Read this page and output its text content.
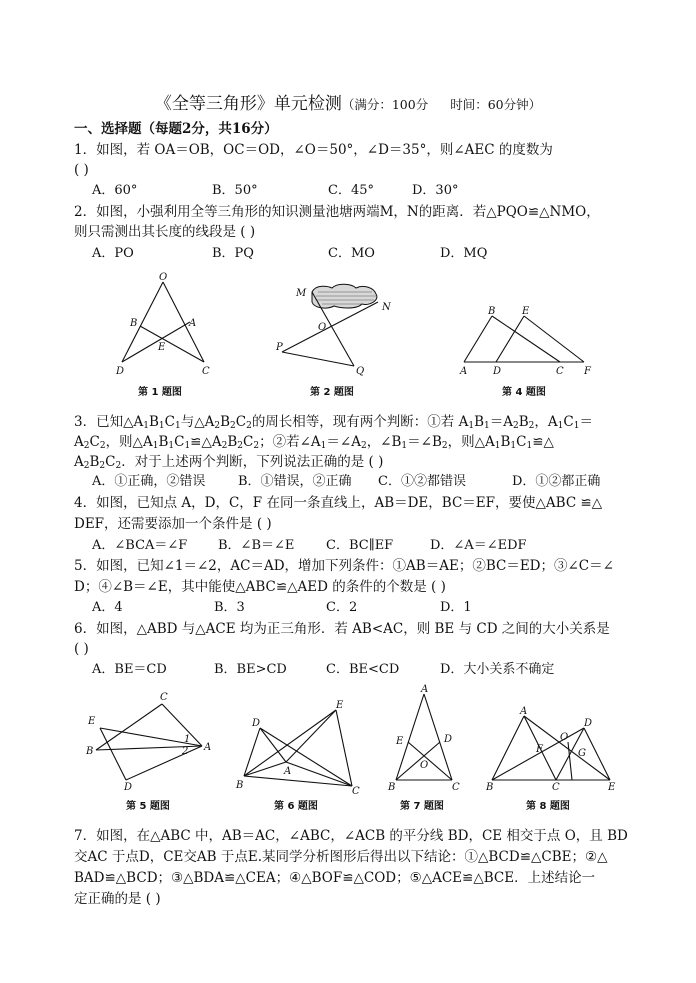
《全等三角形》单元检测（满分：100分 时间：60分钟）
一、选择题（每题2分，共16分）
1．如图，若 OA＝OB，OC＝OD，∠O＝50°，∠D＝35°，则∠AEC 的度数为
( )
A．60°	B．50°	C．45°	D．30°
2．如图，小强利用全等三角形的知识测量池塘两端M，N的距离．若△PQO≌△NMO，
则只需测出其长度的线段是 ( )
A．PO	B．PQ	C．MO	D．MQ
O
B	A
E
D	C
第 1 题图
M
N
O
P
Q
第 2 题图
B	E
A	D	C F
第 4 题图
3．已知$\triangle A_1B_1C_1$与$\triangle A_2B_2C_2$的周长相等，现有两个判断：①若 $A_1B_1=A_2B_2$，$A_1C_1=$
$A_2C_2$，则$\triangle A_1B_1C_1≌\triangle A_2B_2C_2$；②若$\angle A_1=\angle A_2$，$\angle B_1=\angle B_2$，则$\triangle A_1B_1C_1≌\triangle$
$A_2B_2C_2$．对于上述两个判断，下列说法正确的是 ( )
A．①正确，②错误	B．①错误，②正确 C．①②都错误	D．①②都正确
4．如图，已知点 A，D，C，F 在同一条直线上，AB＝DE，BC＝EF，要使△ABC ≌△
DEF，还需要添加一个条件是 ( )
A．∠BCA＝∠F B．∠B＝∠E C．BC∥EF	D．∠A＝∠EDF
5．如图，已知∠1＝∠2，AC＝AD，增加下列条件：①AB＝AE；②BC＝ED；③∠C＝∠
D；④∠B＝∠E，其中能使△ABC≌△AED 的条件的个数是 ( )
A．4	B．3	C．2	D．1
6．如图，△ABD 与△ACE 均为正三角形．若 AB<AC，则 BE 与 CD 之间的大小关系是
( )
A．BE＝CD	B．BE>CD	C．BE<CD	D．大小关系不确定
C
E
B
1
2 A
D
第 5 题图
D
E
A
B
C
第 6 题图
A
E	D
O
B	C
第 7 题图
A
D
O
F	G
B	C	E
第 8 题图
7．如图，在△ABC 中，AB＝AC，∠ABC，∠ACB 的平分线 BD，CE 相交于点 O，且 BD
交AC 于点D，CE交AB 于点E.某同学分析图形后得出以下结论：①△BCD≌△CBE；②△
BAD≌△BCD；③△BDA≌△CEA；④△BOF≌△COD；⑤△ACE≌△BCE．上述结论一
定正确的是 ( )
